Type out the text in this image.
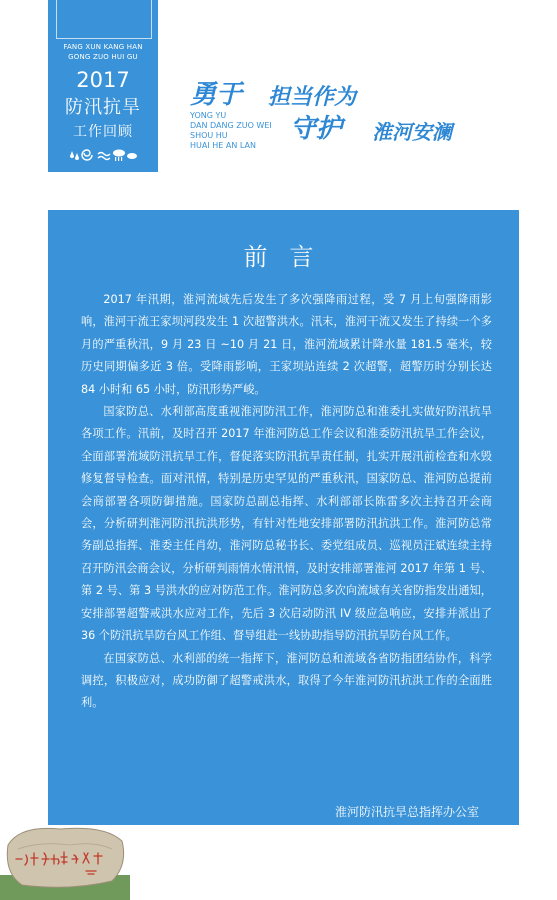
FANG XUN KANG HAN
GONG ZUO HUI GU
2017
防汛抗旱
工作回顾
勇于 担当作为
守护 淮河安澜
YONG YU
DAN DANG ZUO WEI
SHOU HU
HUAI HE AN LAN
前言

2017 年汛期，淮河流域先后发生了多次强降雨过程，受 7 月上旬强降雨影响，淮河干流王家坝河段发生 1 次超警洪水。汛末，淮河干流又发生了持续一个多月的严重秋汛，9 月 23 日 ~10 月 21 日，淮河流域累计降水量 181.5 毫米，较历史同期偏多近 3 倍。受降雨影响，王家坝站连续 2 次超警，超警历时分别长达 84 小时和 65 小时，防汛形势严峻。

国家防总、水利部高度重视淮河防汛工作，淮河防总和淮委扎实做好防汛抗旱各项工作。汛前，及时召开 2017 年淮河防总工作会议和淮委防汛抗旱工作会议，全面部署流域防汛抗旱工作，督促落实防汛抗旱责任制，扎实开展汛前检查和水毁修复督导检查。面对汛情，特别是历史罕见的严重秋汛，国家防总、淮河防总提前会商部署各项防御措施。国家防总副总指挥、水利部部长陈雷多次主持召开会商会，分析研判淮河防汛抗洪形势，有针对性地安排部署防汛抗洪工作。淮河防总常务副总指挥、淮委主任肖幼，淮河防总秘书长、委党组成员、巡视员汪斌连续主持召开防汛会商会议，分析研判雨情水情汛情，及时安排部署淮河 2017 年第 1 号、第 2 号、第 3 号洪水的应对防范工作。淮河防总多次向流域有关省防指发出通知，安排部署超警戒洪水应对工作，先后 3 次启动防汛 IV 级应急响应，安排并派出了 36 个防汛抗旱防台风工作组、督导组赴一线协助指导防汛抗旱防台风工作。

在国家防总、水利部的统一指挥下，淮河防总和流域各省防指团结协作，科学调控，积极应对，成功防御了超警戒洪水，取得了今年淮河防汛抗洪工作的全面胜利。

淮河防汛抗旱总指挥办公室
